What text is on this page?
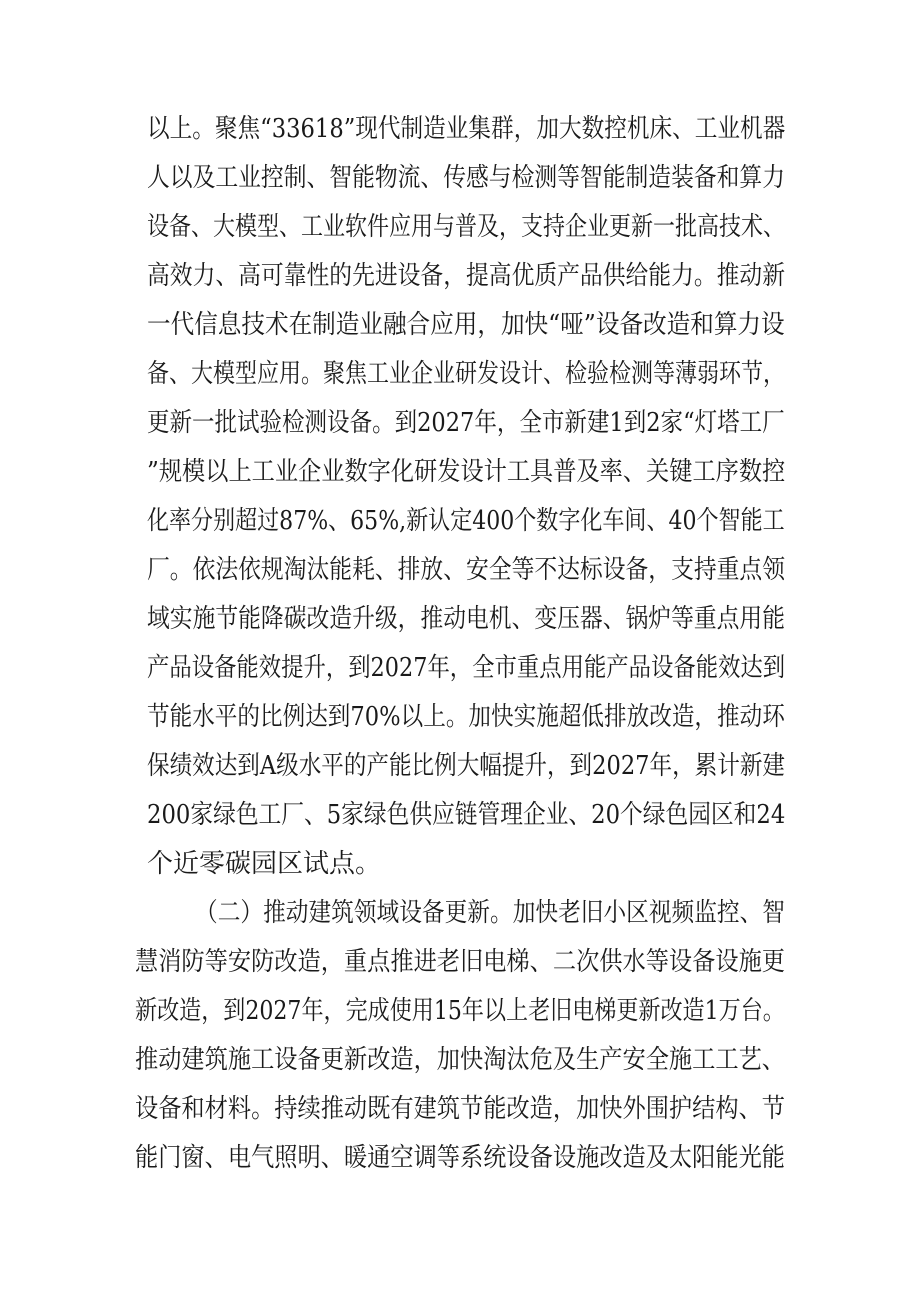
以上。聚焦“33618”现代制造业集群，加大数控机床、工业机器
人以及工业控制、智能物流、传感与检测等智能制造装备和算力
设备、大模型、工业软件应用与普及，支持企业更新一批高技术、
高效力、高可靠性的先进设备，提高优质产品供给能力。推动新
一代信息技术在制造业融合应用，加快“哑”设备改造和算力设
备、大模型应用。聚焦工业企业研发设计、检验检测等薄弱环节，
更新一批试验检测设备。到2027年，全市新建1到2家“灯塔工厂
”规模以上工业企业数字化研发设计工具普及率、关键工序数控
化率分别超过87%、65%,新认定400个数字化车间、40个智能工
厂。依法依规淘汰能耗、排放、安全等不达标设备，支持重点领
域实施节能降碳改造升级，推动电机、变压器、锅炉等重点用能
产品设备能效提升，到2027年，全市重点用能产品设备能效达到
节能水平的比例达到70%以上。加快实施超低排放改造，推动环
保绩效达到A级水平的产能比例大幅提升，到2027年，累计新建
200家绿色工厂、5家绿色供应链管理企业、20个绿色园区和24
个近零碳园区试点。
（二）推动建筑领域设备更新。加快老旧小区视频监控、智
慧消防等安防改造，重点推进老旧电梯、二次供水等设备设施更
新改造，到2027年，完成使用15年以上老旧电梯更新改造1万台。
推动建筑施工设备更新改造，加快淘汰危及生产安全施工工艺、
设备和材料。持续推动既有建筑节能改造，加快外围护结构、节
能门窗、电气照明、暖通空调等系统设备设施改造及太阳能光能
